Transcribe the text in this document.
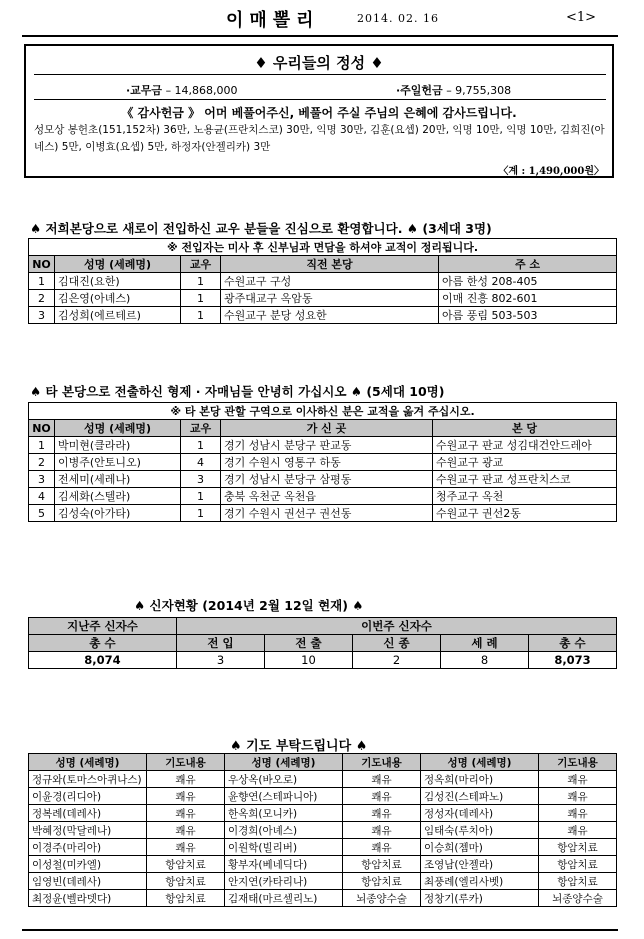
이매뽈리	2014. 02. 16	<1>
♦ 우리들의 정성 ♦
·교무금 – 14,868,000	·주일헌금 – 9,755,308
《 감사헌금 》 어머 베풀어주신, 베풀어 주실 주님의 은혜에 감사드립니다.
성모상 봉헌초(151,152차) 36만, 노용균(프란치스코) 30만, 익명 30만, 김훈(요셉) 20만, 익명 10만, 익명 10만, 김희진(아네스) 5만, 이병효(요셉) 5만, 하정자(안젤리카) 3만
〈계 : 1,490,000원〉
♠ 저희본당으로 새로이 전입하신 교우 분들을 진심으로 환영합니다. ♠ (3세대 3명)
※ 전입자는 미사 후 신부님과 면담을 하셔야 교적이 정리됩니다.				
NO	성명 (세례명)	교우	직전 본당	주 소
1	김대진(요한)	1	수원교구 구성	아름 한성 208-405
2	김은영(아녜스)	1	광주대교구 옥암동	이매 진흥 802-601
3	김성희(에르테르)	1	수원교구 분당 성요한	아름 풍림 503-503
♠ 타 본당으로 전출하신 형제 · 자매님들 안녕히 가십시오 ♠ (5세대 10명)
※ 타 본당 관할 구역으로 이사하신 분은 교적을 옮겨 주십시오.				
NO	성명 (세례명)	교우	가 신 곳	본 당
1	박미현(클라라)	1	경기 성남시 분당구 판교동	수원교구 판교 성김대건안드레아
2	이병주(안토니오)	4	경기 수원시 영통구 하동	수원교구 광교
3	전세미(세레나)	3	경기 성남시 분당구 삼평동	수원교구 판교 성프란치스코
4	김세화(스텔라)	1	충북 옥천군 옥천읍	청주교구 옥천
5	김성숙(아가타)	1	경기 수원시 권선구 권선동	수원교구 권선2동
♠ 신자현황 (2014년 2월 12일 현재) ♠
지난주 신자수	이번주 신자수				
총 수	전 입	전 출	신 종	세 례	총 수
8,074	3	10	2	8	8,073
♠ 기도 부탁드립니다 ♠
성명 (세례명)	기도내용	성명 (세례명)	기도내용	성명 (세례명)	기도내용
정규와(토마스아퀴나스)	쾌유	우상옥(바오로)	쾌유	정옥희(마리아)	쾌유
이윤경(리디아)	쾌유	윤향연(스테파니아)	쾌유	김성진(스테파노)	쾌유
정복례(데레사)	쾌유	한옥희(모니카)	쾌유	정성자(데레사)	쾌유
박혜정(막달레나)	쾌유	이경희(아녜스)	쾌유	임태숙(루치아)	쾌유
이경주(마리아)	쾌유	이원학(빌리버)	쾌유	이승희(젬마)	항암치료
이성철(미카엘)	항암치료	황부자(베네딕다)	항암치료	조영남(안젤라)	항암치료
임영빈(데레사)	항암치료	안지연(카타리나)	항암치료	최풍례(엘리사벳)	항암치료
최정윤(벨라뎃다)	항암치료	김재태(마르셀리노)	뇌종양수술	정창기(루카)	뇌종양수술
